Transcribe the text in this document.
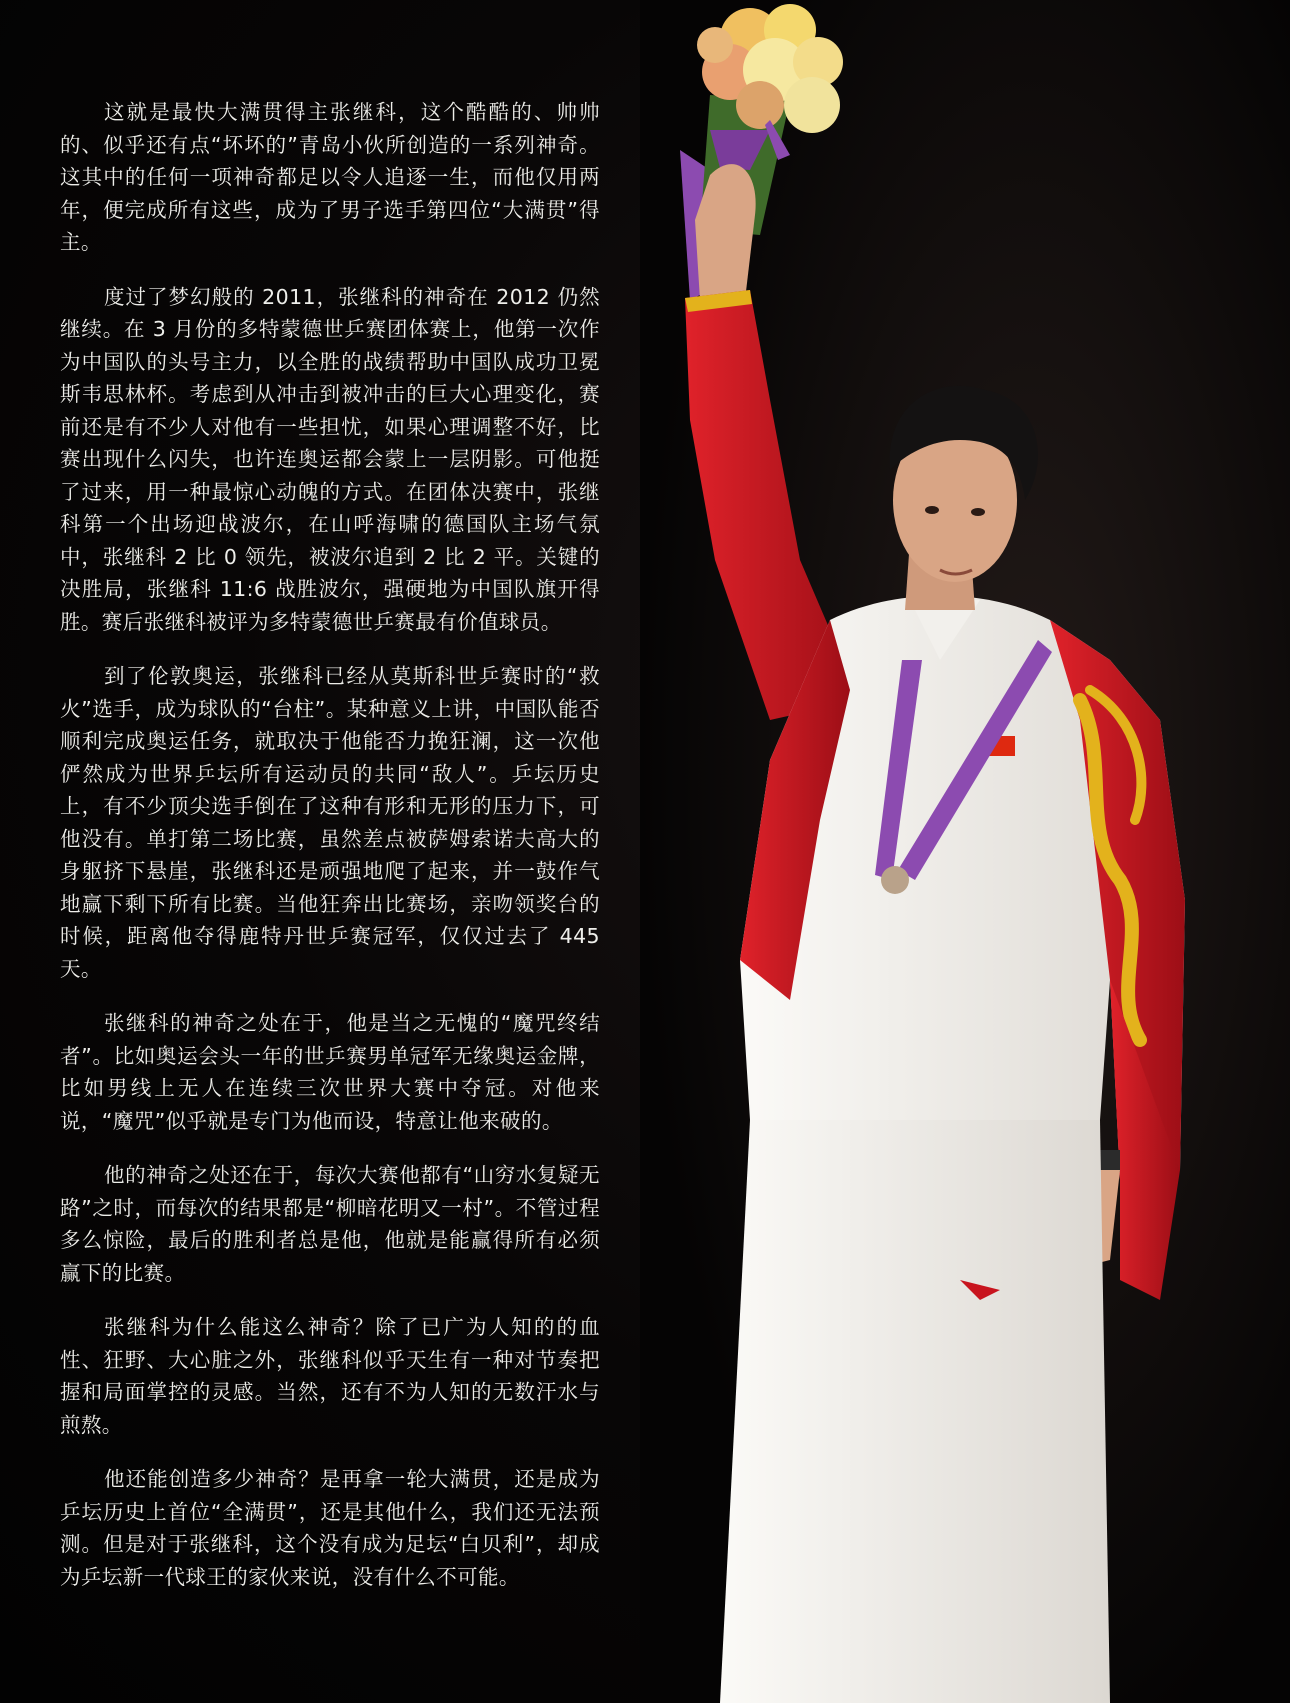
这就是最快大满贯得主张继科，这个酷酷的、帅帅的、似乎还有点“坏坏的”青岛小伙所创造的一系列神奇。这其中的任何一项神奇都足以令人追逐一生，而他仅用两年，便完成所有这些，成为了男子选手第四位“大满贯”得主。

度过了梦幻般的 2011，张继科的神奇在 2012 仍然继续。在 3 月份的多特蒙德世乒赛团体赛上，他第一次作为中国队的头号主力，以全胜的战绩帮助中国队成功卫冕斯韦思林杯。考虑到从冲击到被冲击的巨大心理变化，赛前还是有不少人对他有一些担忧，如果心理调整不好，比赛出现什么闪失，也许连奥运都会蒙上一层阴影。可他挺了过来，用一种最惊心动魄的方式。在团体决赛中，张继科第一个出场迎战波尔，在山呼海啸的德国队主场气氛中，张继科 2 比 0 领先，被波尔追到 2 比 2 平。关键的决胜局，张继科 11:6 战胜波尔，强硬地为中国队旗开得胜。赛后张继科被评为多特蒙德世乒赛最有价值球员。

到了伦敦奥运，张继科已经从莫斯科世乒赛时的“救火”选手，成为球队的“台柱”。某种意义上讲，中国队能否顺利完成奥运任务，就取决于他能否力挽狂澜，这一次他俨然成为世界乒坛所有运动员的共同“敌人”。乒坛历史上，有不少顶尖选手倒在了这种有形和无形的压力下，可他没有。单打第二场比赛，虽然差点被萨姆索诺夫高大的身躯挤下悬崖，张继科还是顽强地爬了起来，并一鼓作气地赢下剩下所有比赛。当他狂奔出比赛场，亲吻领奖台的时候，距离他夺得鹿特丹世乒赛冠军，仅仅过去了 445 天。

张继科的神奇之处在于，他是当之无愧的“魔咒终结者”。比如奥运会头一年的世乒赛男单冠军无缘奥运金牌，比如男线上无人在连续三次世界大赛中夺冠。对他来说，“魔咒”似乎就是专门为他而设，特意让他来破的。

他的神奇之处还在于，每次大赛他都有“山穷水复疑无路”之时，而每次的结果都是“柳暗花明又一村”。不管过程多么惊险，最后的胜利者总是他，他就是能赢得所有必须赢下的比赛。

张继科为什么能这么神奇？除了已广为人知的的血性、狂野、大心脏之外，张继科似乎天生有一种对节奏把握和局面掌控的灵感。当然，还有不为人知的无数汗水与煎熬。

他还能创造多少神奇？是再拿一轮大满贯，还是成为乒坛历史上首位“全满贯”，还是其他什么，我们还无法预测。但是对于张继科，这个没有成为足坛“白贝利”，却成为乒坛新一代球王的家伙来说，没有什么不可能。
